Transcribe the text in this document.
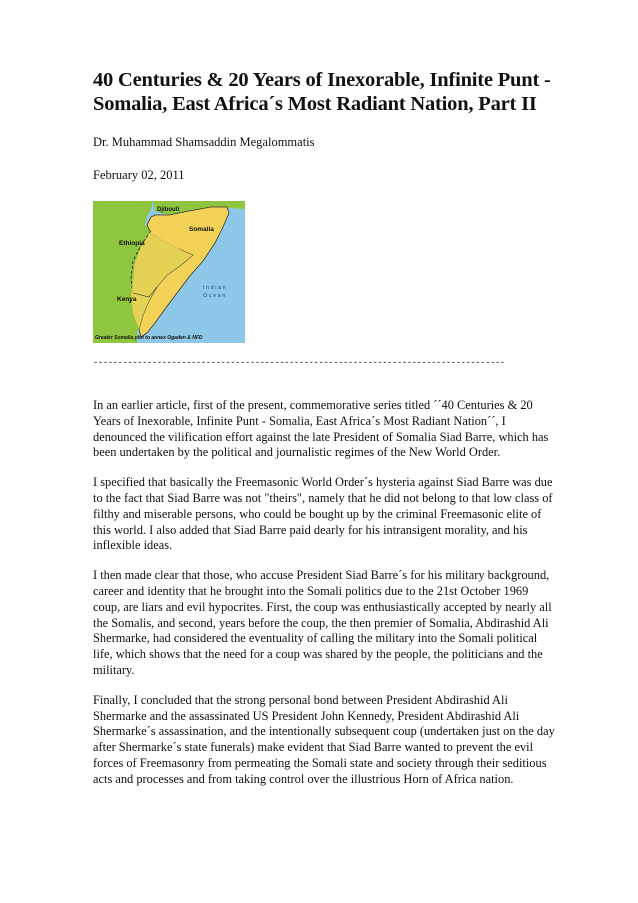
40 Centuries & 20 Years of Inexorable, Infinite Punt - Somalia, East Africa´s Most Radiant Nation, Part II
Dr. Muhammad Shamsaddin Megalommatis
February 02, 2011
Djibouti
Ethiopia
Somalia
Kenya
I n d i a n
O c e a n
Greater Somalia plot to annex Ogaden & NFD
------------------------------------------------------------------------------------

In an earlier article, first of the present, commemorative series titled ´´40 Centuries & 20 Years of Inexorable, Infinite Punt - Somalia, East Africa´s Most Radiant Nation´´, I denounced the vilification effort against the late President of Somalia Siad Barre, which has been undertaken by the political and journalistic regimes of the New World Order.

I specified that basically the Freemasonic World Order´s hysteria against Siad Barre was due to the fact that Siad Barre was not "theirs", namely that he did not belong to that low class of filthy and miserable persons, who could be bought up by the criminal Freemasonic elite of this world. I also added that Siad Barre paid dearly for his intransigent morality, and his inflexible ideas.

I then made clear that those, who accuse President Siad Barre´s for his military background, career and identity that he brought into the Somali politics due to the 21st October 1969 coup, are liars and evil hypocrites. First, the coup was enthusiastically accepted by nearly all the Somalis, and second, years before the coup, the then premier of Somalia, Abdirashid Ali Shermarke, had considered the eventuality of calling the military into the Somali political life, which shows that the need for a coup was shared by the people, the politicians and the military.

Finally, I concluded that the strong personal bond between President Abdirashid Ali Shermarke and the assassinated US President John Kennedy, President Abdirashid Ali Shermarke´s assassination, and the intentionally subsequent coup (undertaken just on the day after Shermarke´s state funerals) make evident that Siad Barre wanted to prevent the evil forces of Freemasonry from permeating the Somali state and society through their seditious acts and processes and from taking control over the illustrious Horn of Africa nation.
